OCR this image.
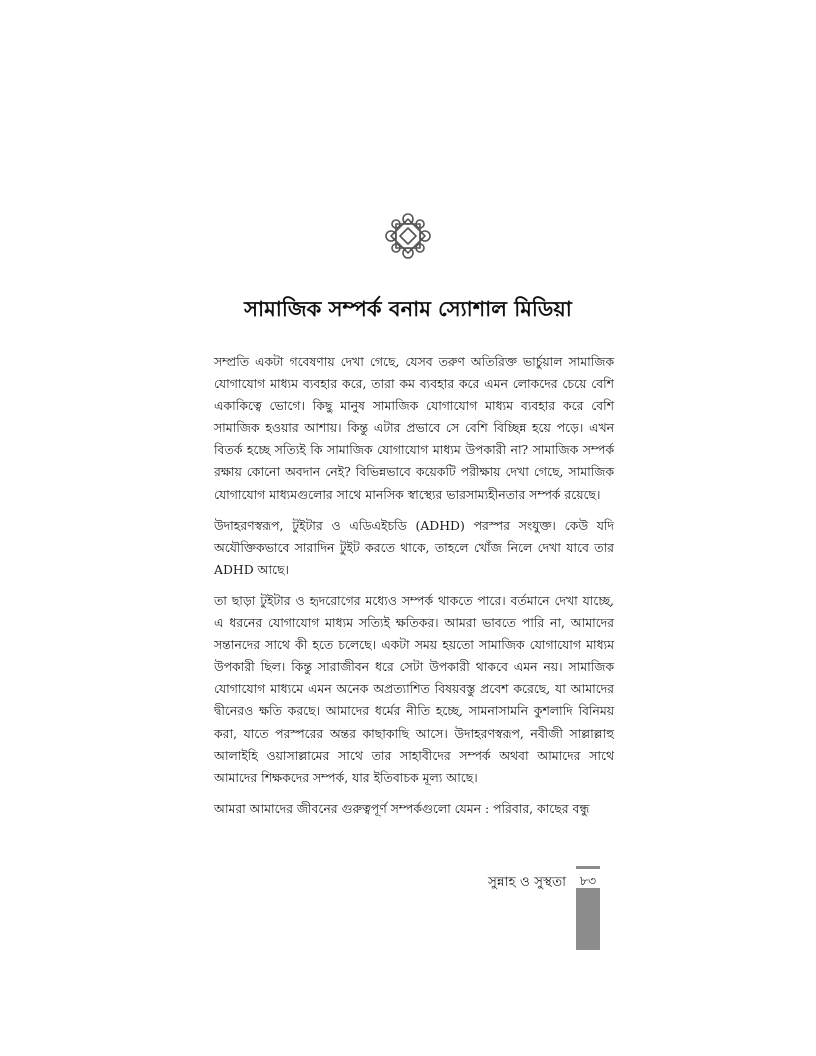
সামাজিক সম্পর্ক বনাম স্যোশাল মিডিয়া

সম্প্রতি একটা গবেষণায় দেখা গেছে, যেসব তরুণ অতিরিক্ত ভার্চুয়াল সামাজিক যোগাযোগ মাধ্যম ব্যবহার করে, তারা কম ব্যবহার করে এমন লোকদের চেয়ে বেশি একাকিত্বে ভোগে। কিছু মানুষ সামাজিক যোগাযোগ মাধ্যম ব্যবহার করে বেশি সামাজিক হওয়ার আশায়। কিন্তু এটার প্রভাবে সে বেশি বিচ্ছিন্ন হয়ে পড়ে। এখন বিতর্ক হচ্ছে সত্যিই কি সামাজিক যোগাযোগ মাধ্যম উপকারী না? সামাজিক সম্পর্ক রক্ষায় কোনো অবদান নেই? বিভিন্নভাবে কয়েকটি পরীক্ষায় দেখা গেছে, সামাজিক যোগাযোগ মাধ্যমগুলোর সাথে মানসিক স্বাস্থ্যের ভারসাম্যহীনতার সম্পর্ক রয়েছে।

উদাহরণস্বরূপ, টুইটার ও এডিএইচডি (ADHD) পরস্পর সংযুক্ত। কেউ যদি অযৌক্তিকভাবে সারাদিন টুইট করতে থাকে, তাহলে খোঁজ নিলে দেখা যাবে তার ADHD আছে।

তা ছাড়া টুইটার ও হৃদরোগের মধ্যেও সম্পর্ক থাকতে পারে। বর্তমানে দেখা যাচ্ছে, এ ধরনের যোগাযোগ মাধ্যম সত্যিই ক্ষতিকর। আমরা ভাবতে পারি না, আমাদের সন্তানদের সাথে কী হতে চলেছে। একটা সময় হয়তো সামাজিক যোগাযোগ মাধ্যম উপকারী ছিল। কিন্তু সারাজীবন ধরে সেটা উপকারী থাকবে এমন নয়। সামাজিক যোগাযোগ মাধ্যমে এমন অনেক অপ্রত্যাশিত বিষয়বস্তু প্রবেশ করেছে, যা আমাদের দ্বীনেরও ক্ষতি করছে। আমাদের ধর্মের নীতি হচ্ছে, সামনাসামনি কুশলাদি বিনিময় করা, যাতে পরস্পরের অন্তর কাছাকাছি আসে। উদাহরণস্বরূপ, নবীজী সাল্লাল্লাহু আলাইহি ওয়াসাল্লামের সাথে তার সাহাবীদের সম্পর্ক অথবা আমাদের সাথে আমাদের শিক্ষকদের সম্পর্ক, যার ইতিবাচক মূল্য আছে।

আমরা আমাদের জীবনের গুরুত্বপূর্ণ সম্পর্কগুলো যেমন : পরিবার, কাছের বন্ধু

সুন্নাহ ও সুস্থতা	৮৩
